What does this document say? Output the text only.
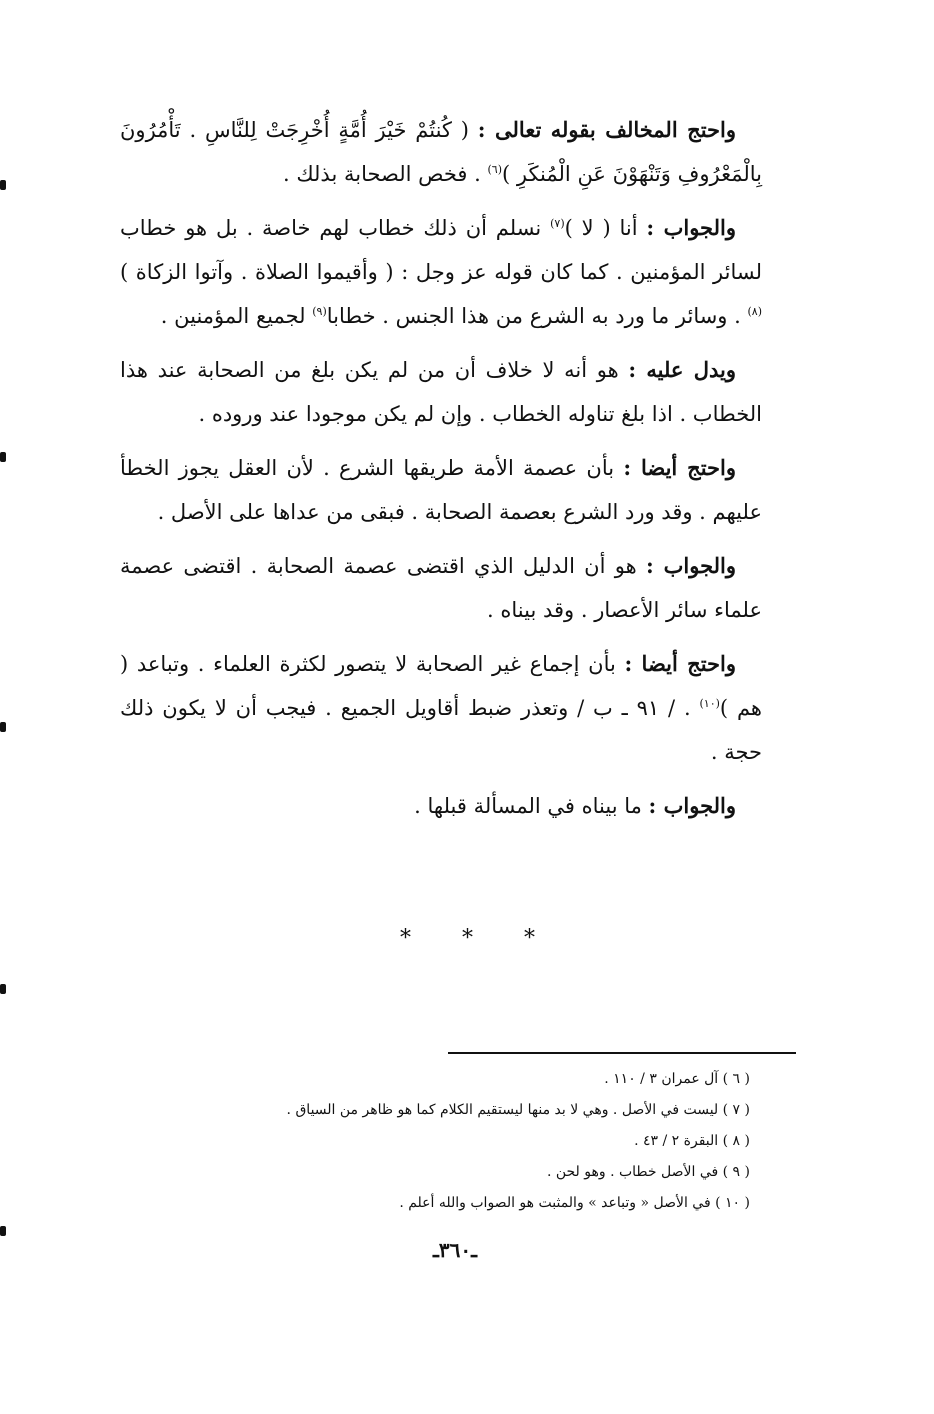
واحتج المخالف بقوله تعالى : ( كُنتُمْ خَيْرَ أُمَّةٍ أُخْرِجَتْ لِلنَّاسِ . تَأْمُرُونَ بِالْمَعْرُوفِ وَتَنْهَوْنَ عَنِ الْمُنكَرِ )$^{(٦)}$ . فخص الصحابة بذلك .

والجواب : أنا ( لا )$^{(٧)}$ نسلم أن ذلك خطاب لهم خاصة . بل هو خطاب لسائر المؤمنين . كما كان قوله عز وجل : ( وأقيموا الصلاة . وآتوا الزكاة )$^{(٨)}$ . وسائر ما ورد به الشرع من هذا الجنس . خطابا$^{(٩)}$ لجميع المؤمنين .

ويدل عليه : هو أنه لا خلاف أن من لم يكن بلغ من الصحابة عند هذا الخطاب . اذا بلغ تناوله الخطاب . وإن لم يكن موجودا عند وروده .

واحتج أيضا : بأن عصمة الأمة طريقها الشرع . لأن العقل يجوز الخطأ عليهم . وقد ورد الشرع بعصمة الصحابة . فبقى من عداها على الأصل .

والجواب : هو أن الدليل الذي اقتضى عصمة الصحابة . اقتضى عصمة علماء سائر الأعصار . وقد بيناه .

واحتج أيضا : بأن إجماع غير الصحابة لا يتصور لكثرة العلماء . وتباعد ( هم )$^{(١٠)}$ . / ٩١ ـ ب / وتعذر ضبط أقاويل الجميع . فيجب أن لا يكون ذلك حجة .

والجواب : ما بيناه في المسألة قبلها .

* * *
( ٦ ) آل عمران ٣ / ١١٠ .
( ٧ ) ليست في الأصل . وهي لا بد منها ليستقيم الكلام كما هو ظاهر من السياق .
( ٨ ) البقرة ٢ / ٤٣ .
( ٩ ) في الأصل خطاب . وهو لحن .
( ١٠ ) في الأصل « وتباعد » والمثبت هو الصواب والله أعلم .
ـ٣٦٠ـ
